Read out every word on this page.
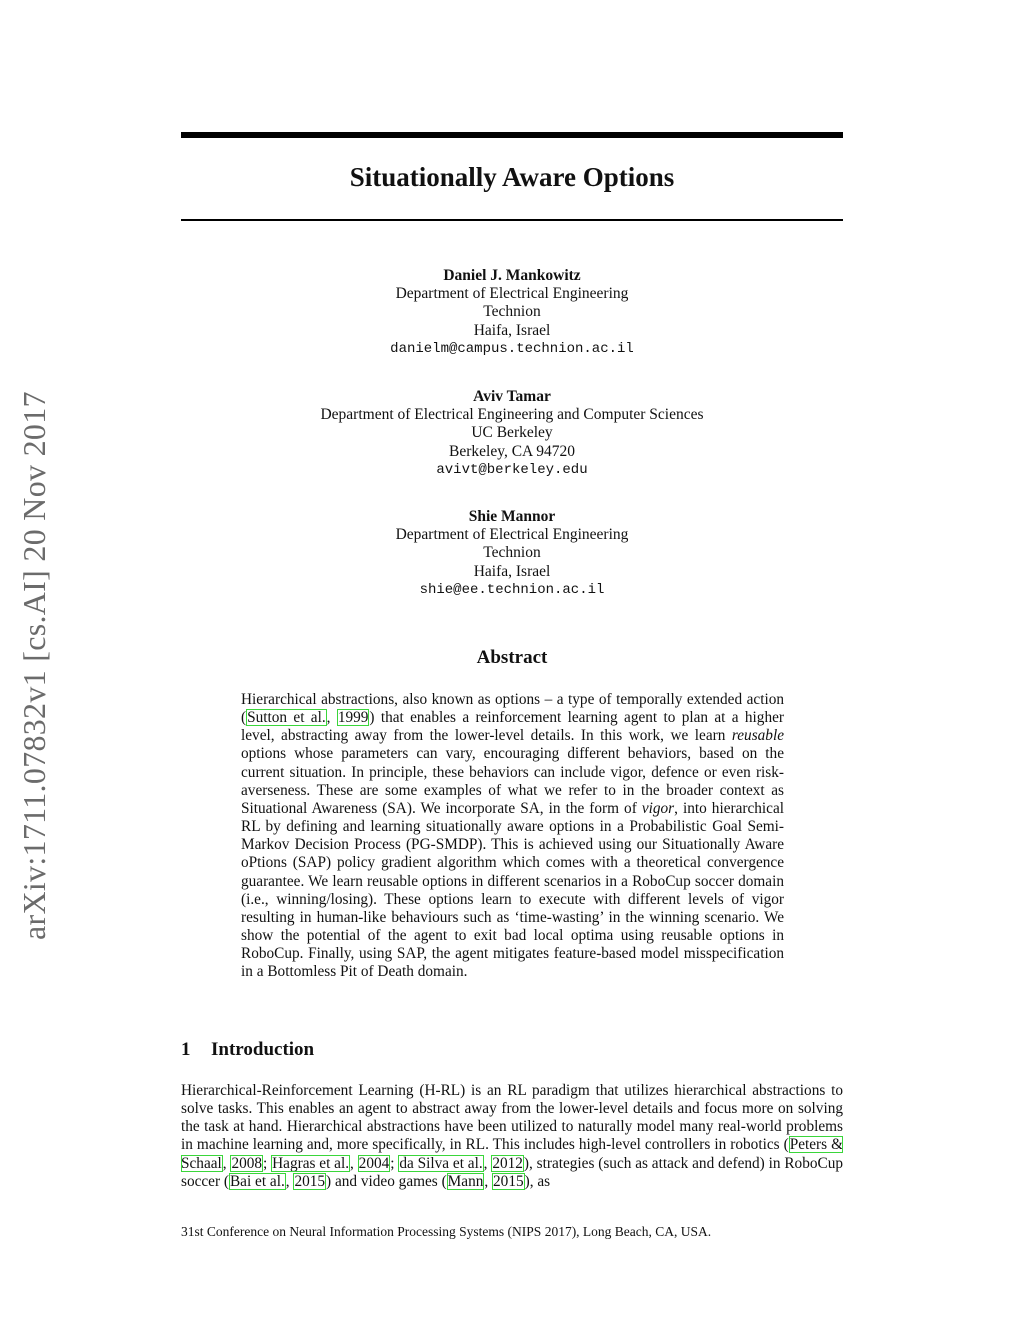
arXiv:1711.07832v1 [cs.AI] 20 Nov 2017
Situationally Aware Options
Daniel J. Mankowitz
Department of Electrical Engineering
Technion
Haifa, Israel
danielm@campus.technion.ac.il
Aviv Tamar
Department of Electrical Engineering and Computer Sciences
UC Berkeley
Berkeley, CA 94720
avivt@berkeley.edu
Shie Mannor
Department of Electrical Engineering
Technion
Haifa, Israel
shie@ee.technion.ac.il
Abstract
Hierarchical abstractions, also known as options – a type of temporally extended action (Sutton et al., 1999) that enables a reinforcement learning agent to plan at a higher level, abstracting away from the lower-level details. In this work, we learn reusable options whose parameters can vary, encouraging different behaviors, based on the current situation. In principle, these behaviors can include vigor, defence or even risk-averseness. These are some examples of what we refer to in the broader context as Situational Awareness (SA). We incorporate SA, in the form of vigor, into hierarchical RL by defining and learning situationally aware options in a Probabilistic Goal Semi-Markov Decision Process (PG-SMDP). This is achieved using our Situationally Aware oPtions (SAP) policy gradient algorithm which comes with a theoretical convergence guarantee. We learn reusable options in different scenarios in a RoboCup soccer domain (i.e., winning/losing). These options learn to execute with different levels of vigor resulting in human-like behaviours such as ‘time-wasting’ in the winning scenario. We show the potential of the agent to exit bad local optima using reusable options in RoboCup. Finally, using SAP, the agent mitigates feature-based model misspecification in a Bottomless Pit of Death domain.
1 Introduction
Hierarchical-Reinforcement Learning (H-RL) is an RL paradigm that utilizes hierarchical abstractions to solve tasks. This enables an agent to abstract away from the lower-level details and focus more on solving the task at hand. Hierarchical abstractions have been utilized to naturally model many real-world problems in machine learning and, more specifically, in RL. This includes high-level controllers in robotics (Peters & Schaal, 2008; Hagras et al., 2004; da Silva et al., 2012), strategies (such as attack and defend) in RoboCup soccer (Bai et al., 2015) and video games (Mann, 2015), as
31st Conference on Neural Information Processing Systems (NIPS 2017), Long Beach, CA, USA.
